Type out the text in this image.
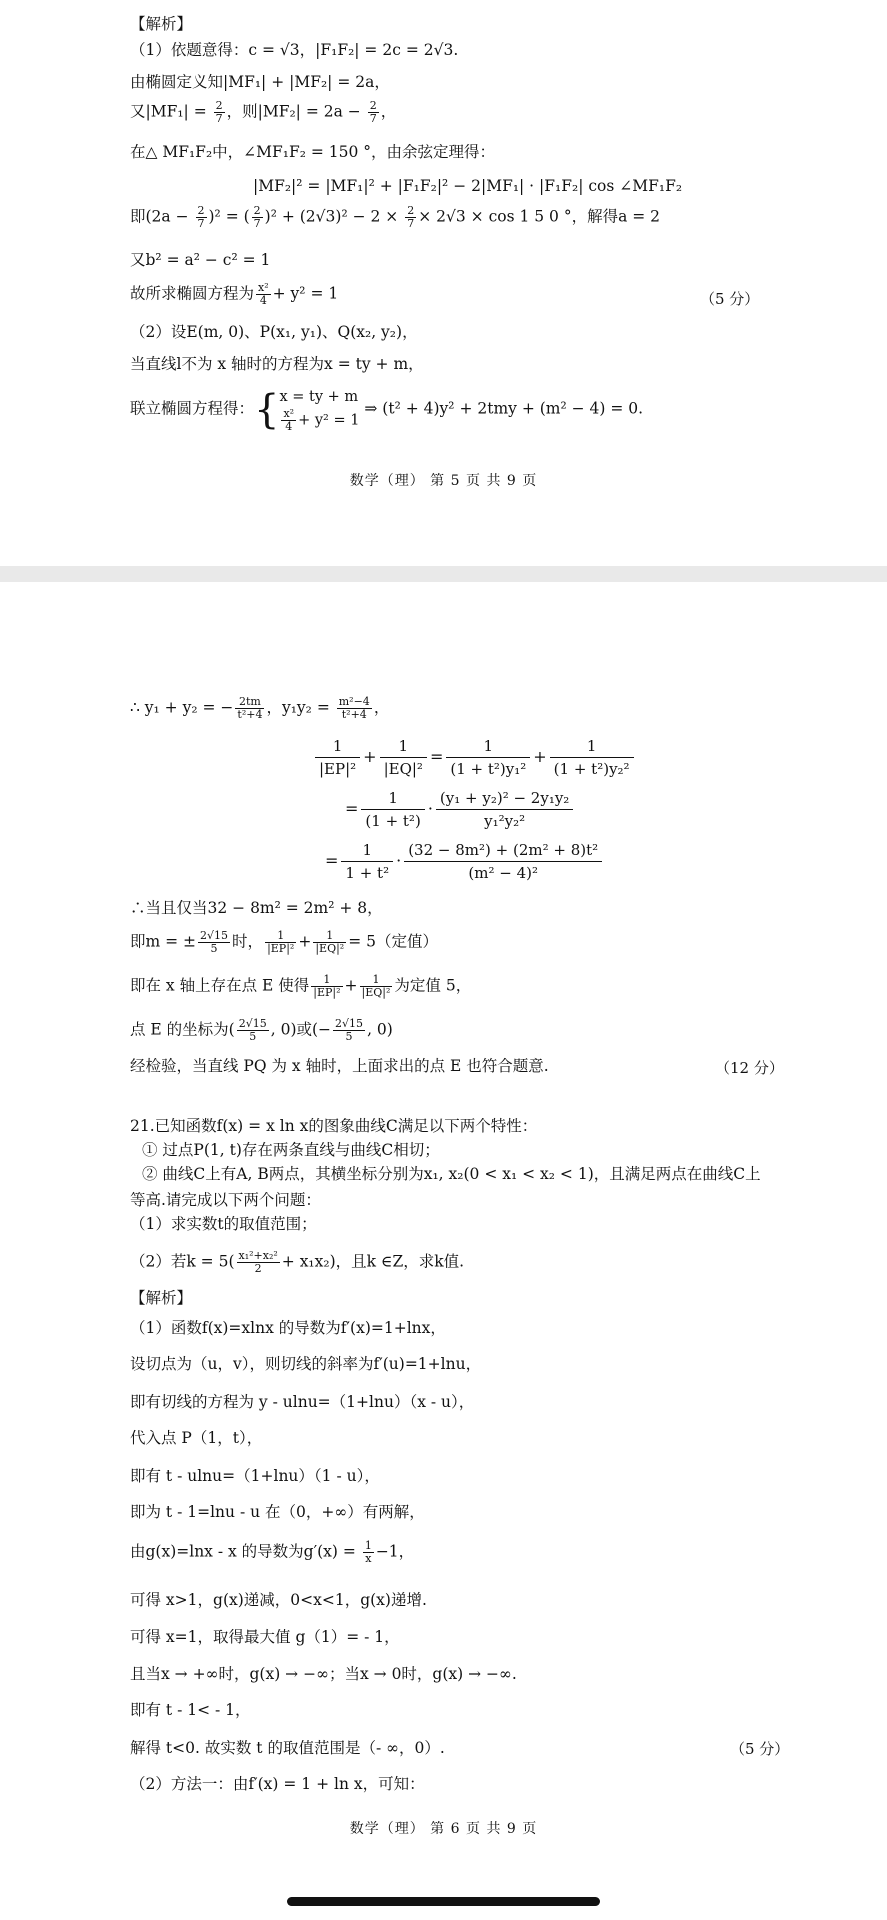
【解析】
（1）依题意得：c = √3，|F₁F₂| = 2c = 2√3.
由椭圆定义知|MF₁| + |MF₂| = 2a，
又$|MF_1| = \frac{2}{7}$ ，则$|MF_2| = 2a - \frac{2}{7}$ ，
在△ MF₁F₂中，∠MF₁F₂ = 150 °，由余弦定理得：
|MF₂|² = |MF₁|² + |F₁F₂|² − 2|MF₁| · |F₁F₂| cos ∠MF₁F₂
即$(2a - \frac{2}{7} )^2$ = ( $\frac{2}{7} )^2 + (2√3)^2 - 2 \times \frac{2}{7} \times 2√3 \times \cos 1$ 5 0 °，解得a = 2
又b² = a² − c² = 1
故所求椭圆方程为 $\frac{\text{x²}}{4} + y^2 = 1$	（5 分）
（2）设E(m, 0)、P(x₁, y₁)、Q(x₂, y₂)，
当直线l不为 x 轴时的方程为x = ty + m，
联立椭圆方程得：{ x = ty + m
$\frac{\text{x²}}{4} + y^2 = 1$
⇒ (t² + 4)y² + 2tmy + (m² − 4) = 0.
数学（理） 第 5 页 共 9 页
∴ y₁ + y₂ = − $\frac{2tm}{\text{t²+4}}$ ，$y_1y_2 = \frac{\text{m²−4}}{\text{t²+4}}$ ，
$\frac{1}{\text{|EP|²}} + \frac{1}{\text{|EQ|²}} = \frac{1}{\text{(1 + t²)y₁²}} + \frac{1}{\text{(1 + t²)y₂²}}$
= $\frac{1}{\text{(1 + t²)}} \cdot \frac{\text{(y₁ + y₂)² − 2y₁y₂}}{\text{y₁²y₂²}}$
= $\frac{1}{\text{1 + t²}} \cdot \frac{\text{(32 − 8m²) + (2m² + 8)t²}}{\text{(m² − 4)²}}$
∴当且仅当32 − 8m² = 2m² + 8，
即m = ± $\frac{2√15}{5}$ 时， $\frac{1}{\text{|EP|²}} + \frac{1}{\text{|EQ|²}} = 5$（定值）
即在 x 轴上存在点 E 使得 $\frac{1}{\text{|EP|²}} + \frac{1}{\text{|EQ|²}}$ 为定值 5，
点 E 的坐标为( $\frac{2√15}{5}$ , 0)或(− $\frac{2√15}{5}$ , 0)
经检验，当直线 PQ 为 x 轴时，上面求出的点 E 也符合题意.	（12 分）
21.已知函数f(x) = x ln x的图象曲线C满足以下两个特性：
① 过点P(1, t)存在两条直线与曲线C相切；
② 曲线C上有A, B两点，其横坐标分别为x₁, x₂(0 < x₁ < x₂ < 1)，且满足两点在曲线C上
等高.请完成以下两个问题：
（1）求实数t的取值范围；
（2）若$k = 5( \frac{\text{x₁²+x₂²}}{2} + x_1x_2)$，且k ∈Z，求k值.
【解析】
（1）函数f(x)=xlnx 的导数为f′(x)=1+lnx，
设切点为（u，v），则切线的斜率为f′(u)=1+lnu，
即有切线的方程为 y - ulnu=（1+lnu）（x - u），
代入点 P（1，t），
即有 t - ulnu=（1+lnu）（1 - u），
即为 t - 1=lnu - u 在（0，+∞）有两解，
由g(x)=lnx - x 的导数为$g'(x) = \frac{1}{x} -1$，
可得 x>1，g(x)递减，0<x<1，g(x)递增.
可得 x=1，取得最大值 g（1）= - 1，
且当x → +∞时，g(x) → −∞；当x → 0时，g(x) → −∞.
即有 t - 1< - 1，
解得 t<0. 故实数 t 的取值范围是（- ∞，0）.	（5 分）
（2）方法一：由f′(x) = 1 + ln x，可知：
数学（理） 第 6 页 共 9 页
